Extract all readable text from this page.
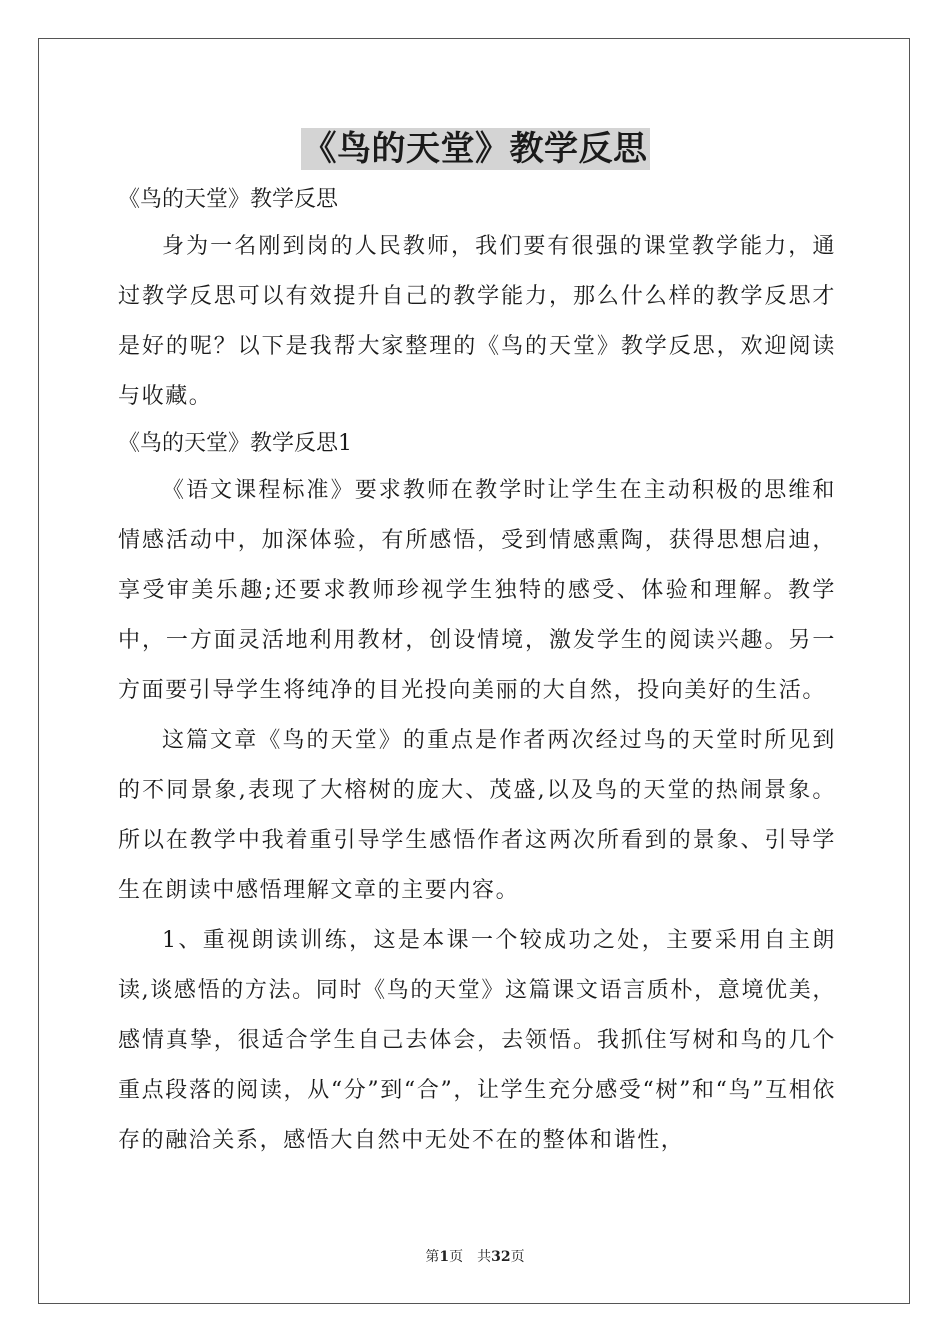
《鸟的天堂》教学反思

《鸟的天堂》教学反思

身为一名刚到岗的人民教师，我们要有很强的课堂教学能力，通过教学反思可以有效提升自己的教学能力，那么什么样的教学反思才是好的呢？以下是我帮大家整理的《鸟的天堂》教学反思，欢迎阅读与收藏。

《鸟的天堂》教学反思1

《语文课程标准》要求教师在教学时让学生在主动积极的思维和情感活动中，加深体验，有所感悟，受到情感熏陶，获得思想启迪，享受审美乐趣;还要求教师珍视学生独特的感受、体验和理解。教学中，一方面灵活地利用教材，创设情境，激发学生的阅读兴趣。另一方面要引导学生将纯净的目光投向美丽的大自然，投向美好的生活。

这篇文章《鸟的天堂》的重点是作者两次经过鸟的天堂时所见到的不同景象,表现了大榕树的庞大、茂盛,以及鸟的天堂的热闹景象。所以在教学中我着重引导学生感悟作者这两次所看到的景象、引导学生在朗读中感悟理解文章的主要内容。

1、重视朗读训练，这是本课一个较成功之处，主要采用自主朗读,谈感悟的方法。同时《鸟的天堂》这篇课文语言质朴，意境优美，感情真挚，很适合学生自己去体会，去领悟。我抓住写树和鸟的几个重点段落的阅读，从“分”到“合”，让学生充分感受“树”和“鸟”互相依存的融洽关系，感悟大自然中无处不在的整体和谐性，

第1页　共32页
